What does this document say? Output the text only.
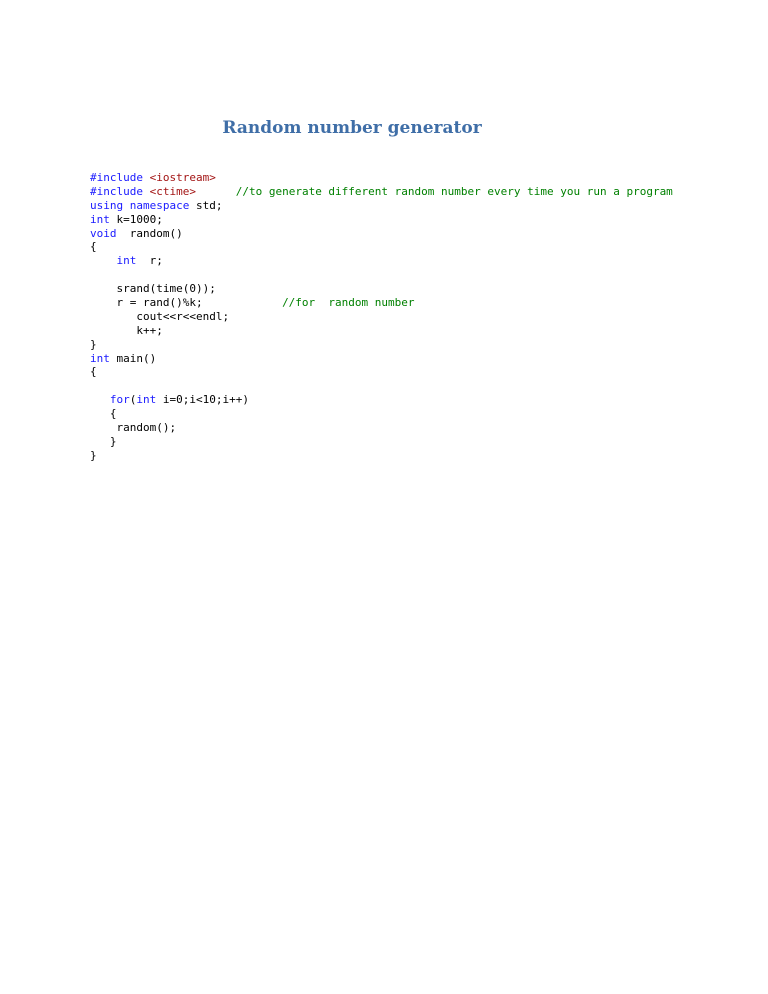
Random number generator
#include <iostream>
#include <ctime>	//to generate different random number every time you run a program
using namespace std;
int k=1000;
void  random()
{
int  r;
srand(time(0));
r = rand()%k;            //for  random number
cout<<r<<endl;
k++;
}
int main()
{
for(int i=0;i<10;i++)
{
random();
}
}
